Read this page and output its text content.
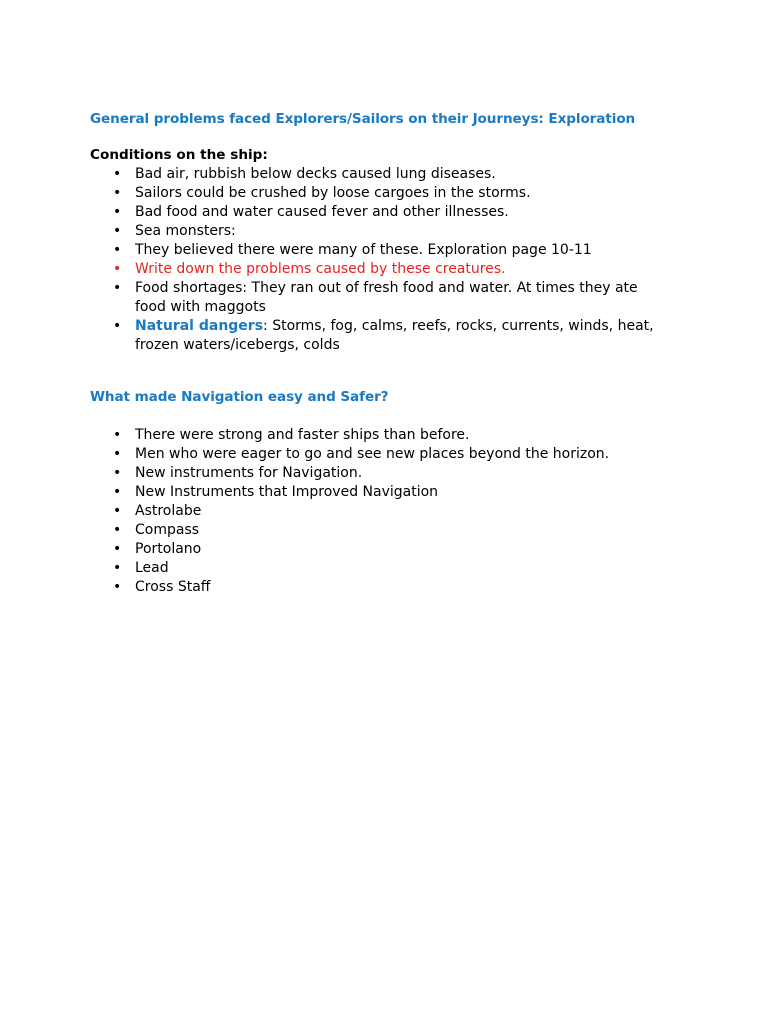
General problems faced Explorers/Sailors on their Journeys: Exploration
Conditions on the ship:
• Bad air, rubbish below decks caused lung diseases.
• Sailors could be crushed by loose cargoes in the storms.
• Bad food and water caused fever and other illnesses.
• Sea monsters:
• They believed there were many of these. Exploration page 10-11
• Write down the problems caused by these creatures.
• Food shortages: They ran out of fresh food and water. At times they ate food with maggots
• Natural dangers: Storms, fog, calms, reefs, rocks, currents, winds, heat, frozen waters/icebergs, colds
What made Navigation easy and Safer?
• There were strong and faster ships than before.
• Men who were eager to go and see new places beyond the horizon.
• New instruments for Navigation.
• New Instruments that Improved Navigation
• Astrolabe
• Compass
• Portolano
• Lead
• Cross Staff
